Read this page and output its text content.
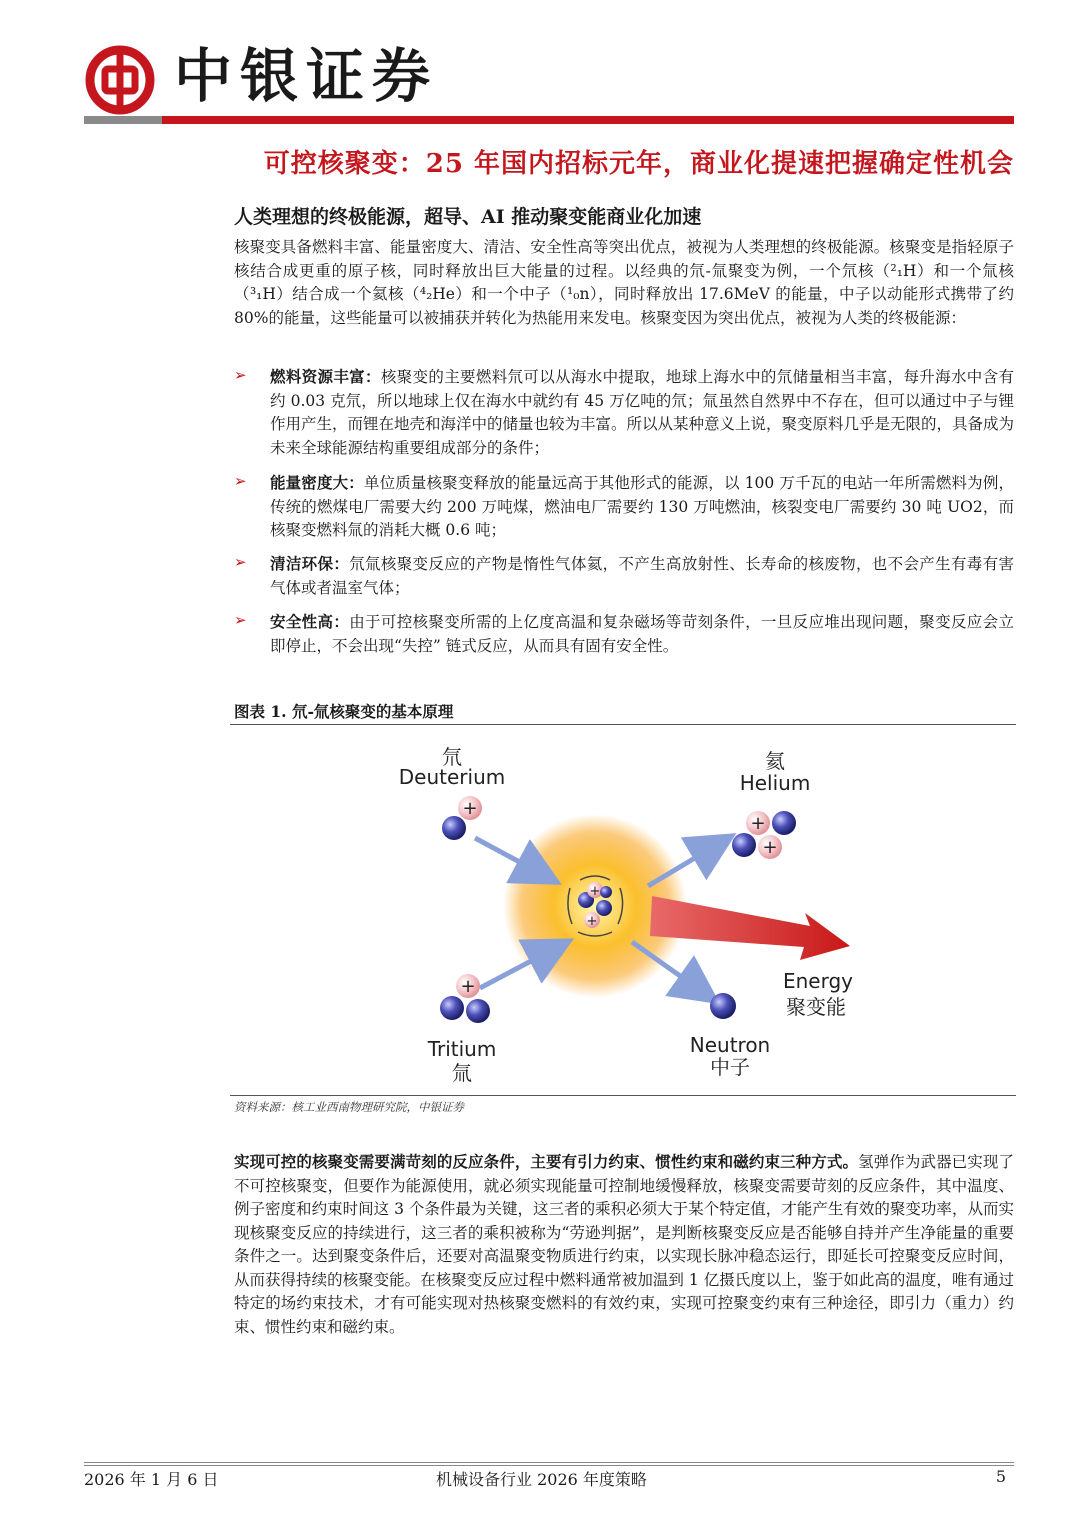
中银证券
可控核聚变：25 年国内招标元年，商业化提速把握确定性机会
人类理想的终极能源，超导、AI 推动聚变能商业化加速
核聚变具备燃料丰富、能量密度大、清洁、安全性高等突出优点，被视为人类理想的终极能源。核聚变是指轻原子核结合成更重的原子核，同时释放出巨大能量的过程。以经典的氘-氚聚变为例，一个氘核（²₁H）和一个氚核（³₁H）结合成一个氦核（⁴₂He）和一个中子（¹₀n），同时释放出 17.6MeV 的能量，中子以动能形式携带了约 80%的能量，这些能量可以被捕获并转化为热能用来发电。核聚变因为突出优点，被视为人类的终极能源：
➢ 燃料资源丰富：核聚变的主要燃料氘可以从海水中提取，地球上海水中的氘储量相当丰富，每升海水中含有约 0.03 克氘，所以地球上仅在海水中就约有 45 万亿吨的氘；氚虽然自然界中不存在，但可以通过中子与锂作用产生，而锂在地壳和海洋中的储量也较为丰富。所以从某种意义上说，聚变原料几乎是无限的，具备成为未来全球能源结构重要组成部分的条件；
➢ 能量密度大：单位质量核聚变释放的能量远高于其他形式的能源，以 100 万千瓦的电站一年所需燃料为例，传统的燃煤电厂需要大约 200 万吨煤，燃油电厂需要约 130 万吨燃油，核裂变电厂需要约 30 吨 UO2，而核聚变燃料氚的消耗大概 0.6 吨；
➢ 清洁环保：氘氚核聚变反应的产物是惰性气体氦，不产生高放射性、长寿命的核废物，也不会产生有毒有害气体或者温室气体；
➢ 安全性高：由于可控核聚变所需的上亿度高温和复杂磁场等苛刻条件，一旦反应堆出现问题，聚变反应会立即停止，不会出现“失控” 链式反应，从而具有固有安全性。
图表 1. 氘-氚核聚变的基本原理
+
+
+
氘
Deuterium
+
+
氦
Helium
+
Tritium
氚
Neutron
中子
Energy
聚变能
资料来源：核工业西南物理研究院，中银证券
实现可控的核聚变需要满苛刻的反应条件，主要有引力约束、惯性约束和磁约束三种方式。氢弹作为武器已实现了不可控核聚变，但要作为能源使用，就必须实现能量可控制地缓慢释放，核聚变需要苛刻的反应条件，其中温度、例子密度和约束时间这 3 个条件最为关键，这三者的乘积必须大于某个特定值，才能产生有效的聚变功率，从而实现核聚变反应的持续进行，这三者的乘积被称为“劳逊判据”，是判断核聚变反应是否能够自持并产生净能量的重要条件之一。达到聚变条件后，还要对高温聚变物质进行约束，以实现长脉冲稳态运行，即延长可控聚变反应时间，从而获得持续的核聚变能。在核聚变反应过程中燃料通常被加温到 1 亿摄氏度以上，鉴于如此高的温度，唯有通过特定的场约束技术，才有可能实现对热核聚变燃料的有效约束，实现可控聚变约束有三种途径，即引力（重力）约束、惯性约束和磁约束。
2026 年 1 月 6 日	机械设备行业 2026 年度策略	5
